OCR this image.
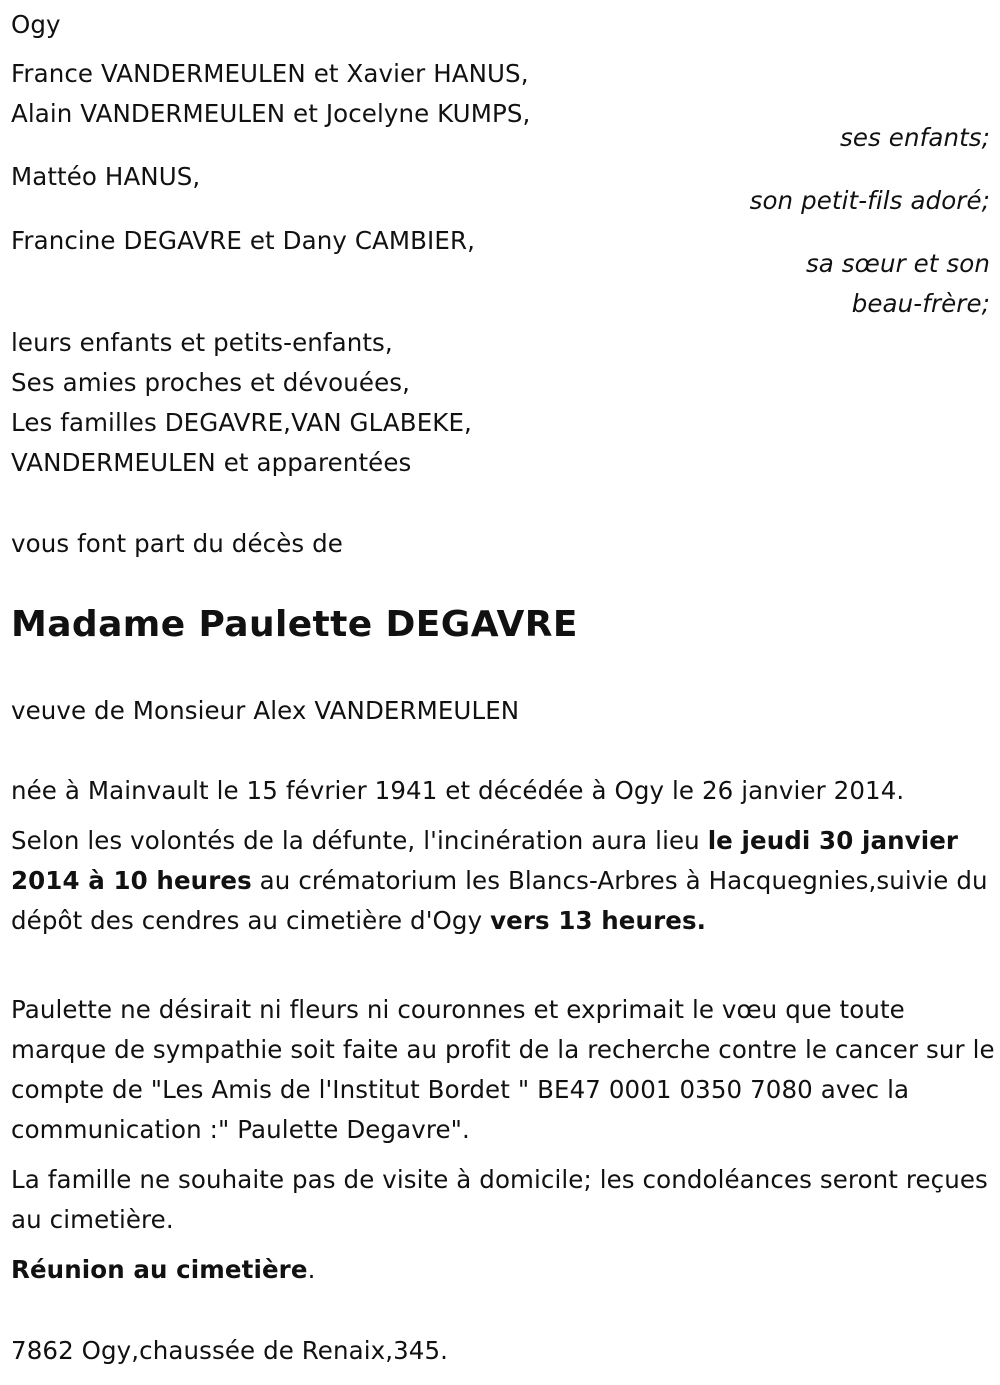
Ogy
France VANDERMEULEN et Xavier HANUS,
Alain VANDERMEULEN et Jocelyne KUMPS,
ses enfants;
Mattéo HANUS,
son petit-fils adoré;
Francine DEGAVRE et Dany CAMBIER,
sa sœur et son
beau-frère;
leurs enfants et petits-enfants,
Ses amies proches et dévouées,
Les familles DEGAVRE,VAN GLABEKE,
VANDERMEULEN et apparentées
vous font part du décès de
Madame Paulette DEGAVRE
veuve de Monsieur Alex VANDERMEULEN
née à Mainvault le 15 février 1941 et décédée à Ogy le 26 janvier 2014.
Selon les volontés de la défunte, l'incinération aura lieu le jeudi 30 janvier 2014 à 10 heures au crématorium les Blancs-Arbres à Hacquegnies,suivie du dépôt des cendres au cimetière d'Ogy vers 13 heures.
Paulette ne désirait ni fleurs ni couronnes et exprimait le vœu que toute marque de sympathie soit faite au profit de la recherche contre le cancer sur le compte de "Les Amis de l'Institut Bordet " BE47 0001 0350 7080 avec la communication :" Paulette Degavre".
La famille ne souhaite pas de visite à domicile; les condoléances seront reçues au cimetière.
Réunion au cimetière.
7862 Ogy,chaussée de Renaix,345.
